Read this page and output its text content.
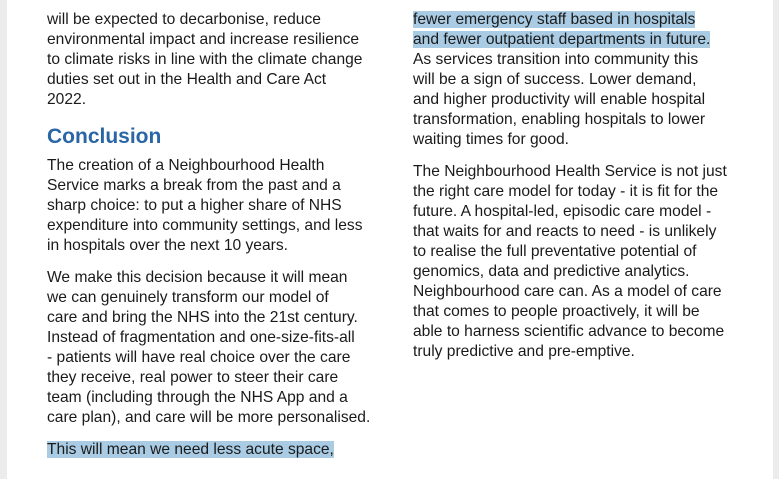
will be expected to decarbonise, reduce
environmental impact and increase resilience
to climate risks in line with the climate change
duties set out in the Health and Care Act
2022.

Conclusion

The creation of a Neighbourhood Health
Service marks a break from the past and a
sharp choice: to put a higher share of NHS
expenditure into community settings, and less
in hospitals over the next 10 years.

We make this decision because it will mean
we can genuinely transform our model of
care and bring the NHS into the 21st century.
Instead of fragmentation and one-size-fits-all
- patients will have real choice over the care
they receive, real power to steer their care
team (including through the NHS App and a
care plan), and care will be more personalised.

This will mean we need less acute space,

fewer emergency staff based in hospitals
and fewer outpatient departments in future.

As services transition into community this
will be a sign of success. Lower demand,
and higher productivity will enable hospital
transformation, enabling hospitals to lower
waiting times for good.

The Neighbourhood Health Service is not just
the right care model for today - it is fit for the
future. A hospital-led, episodic care model -
that waits for and reacts to need - is unlikely
to realise the full preventative potential of
genomics, data and predictive analytics.
Neighbourhood care can. As a model of care
that comes to people proactively, it will be
able to harness scientific advance to become
truly predictive and pre-emptive.
